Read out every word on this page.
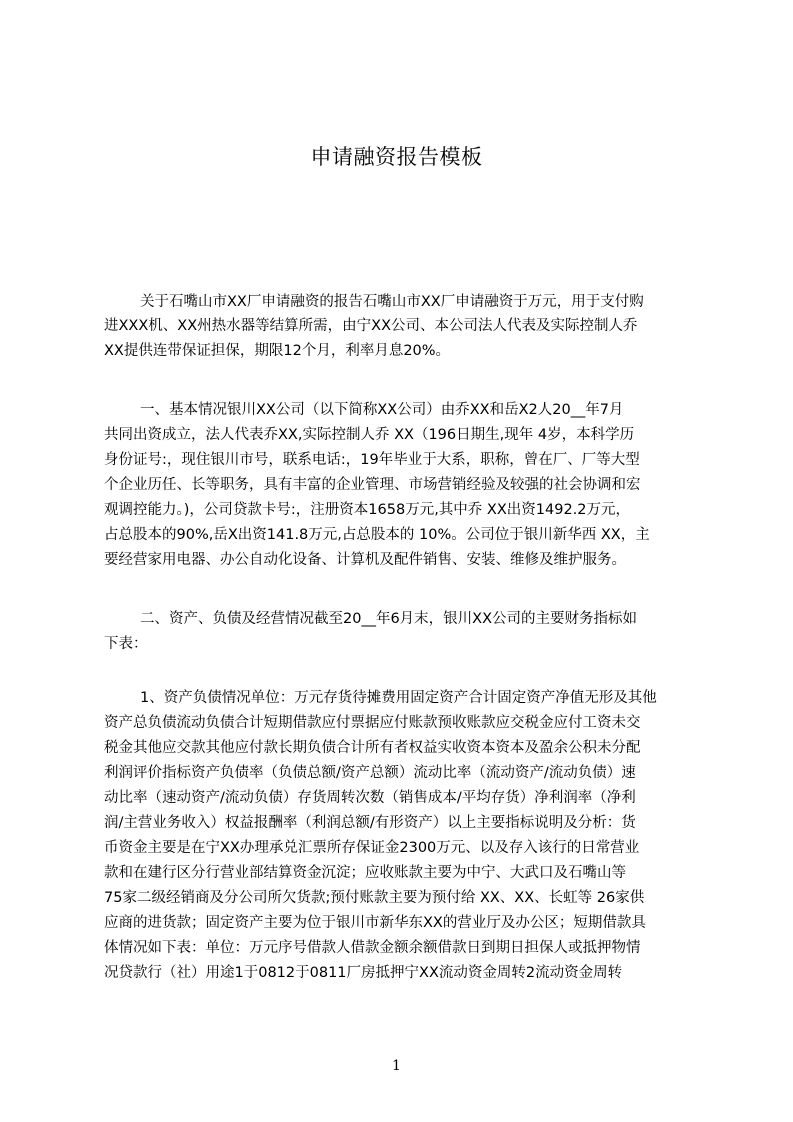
申请融资报告模板
关于石嘴山市XX厂申请融资的报告石嘴山市XX厂申请融资于万元，用于支付购
进XXX机、XX州热水器等结算所需，由宁XX公司、本公司法人代表及实际控制人乔
XX提供连带保证担保，期限12个月，利率月息20%。
一、基本情况银川XX公司（以下简称XX公司）由乔XX和岳X2人20__年7月
共同出资成立，法人代表乔XX,实际控制人乔 XX（196日期生,现年 4岁，本科学历
身份证号:，现住银川市号，联系电话:，19年毕业于大系，职称，曾在厂、厂等大型
个企业历任、长等职务，具有丰富的企业管理、市场营销经验及较强的社会协调和宏
观调控能力。)，公司贷款卡号:，注册资本1658万元,其中乔 XX出资1492.2万元，
占总股本的90%,岳X出资141.8万元,占总股本的 10%。公司位于银川新华西 XX，主
要经营家用电器、办公自动化设备、计算机及配件销售、安装、维修及维护服务。
二、资产、负债及经营情况截至20__年6月末，银川XX公司的主要财务指标如
下表：
1、资产负债情况单位：万元存货待摊费用固定资产合计固定资产净值无形及其他
资产总负债流动负债合计短期借款应付票据应付账款预收账款应交税金应付工资未交
税金其他应交款其他应付款长期负债合计所有者权益实收资本资本及盈余公积未分配
利润评价指标资产负债率（负债总额/资产总额）流动比率（流动资产/流动负债）速
动比率（速动资产/流动负债）存货周转次数（销售成本/平均存货）净利润率（净利
润/主营业务收入）权益报酬率（利润总额/有形资产）以上主要指标说明及分析：货
币资金主要是在宁XX办理承兑汇票所存保证金2300万元、以及存入该行的日常营业
款和在建行区分行营业部结算资金沉淀；应收账款主要为中宁、大武口及石嘴山等
75家二级经销商及分公司所欠货款;预付账款主要为预付给 XX、XX、长虹等 26家供
应商的进货款；固定资产主要为位于银川市新华东XX的营业厅及办公区；短期借款具
体情况如下表：单位：万元序号借款人借款金额余额借款日到期日担保人或抵押物情
况贷款行（社）用途1于0812于0811厂房抵押宁XX流动资金周转2流动资金周转
1
